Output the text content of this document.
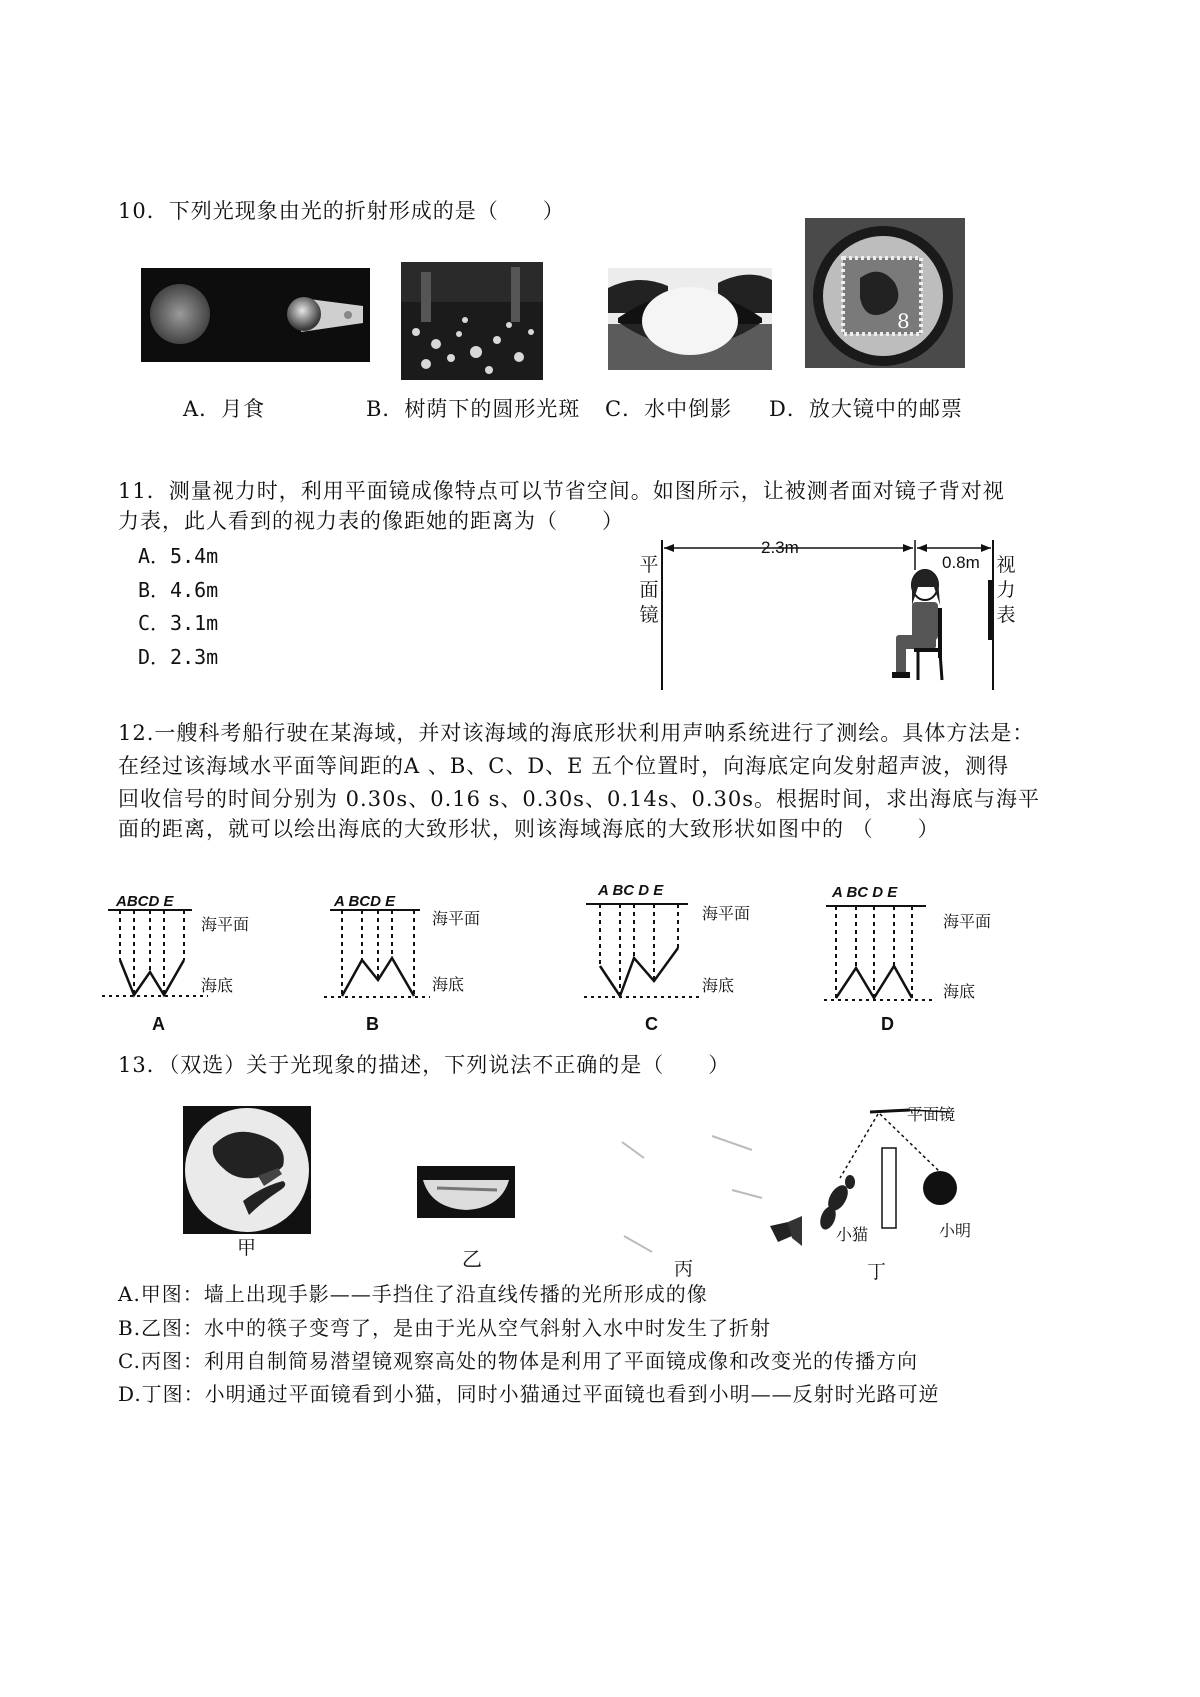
10．下列光现象由光的折射形成的是（　　）
8
A．月食	B．树荫下的圆形光斑 C．水中倒影 D．放大镜中的邮票
11．测量视力时，利用平面镜成像特点可以节省空间。如图所示，让被测者面对镜子背对视
力表，此人看到的视力表的像距她的距离为（　　）
A．5.4m
B．4.6m
C．3.1m
D．2.3m
2.3m
0.8m
平
面
镜
视
力
表
12.一艘科考船行驶在某海域，并对该海域的海底形状利用声呐系统进行了测绘。具体方法是：
在经过该海域水平面等间距的A 、B、C、D、E 五个位置时，向海底定向发射超声波，测得
回收信号的时间分别为 0.30s、0.16 s、0.30s、0.14s、0.30s。根据时间，求出海底与海平
面的距离，就可以绘出海底的大致形状，则该海域海底的大致形状如图中的 （　　）
ABCD E
海平面
海底
A
A BCD E
海平面
海底
B
A BC D E
海平面
海底
C
A BC D E
海平面
海底
D
13．（双选）关于光现象的描述，下列说法不正确的是（　　）
甲	乙	丙
平面镜
小猫	小明
丁
A.甲图：墙上出现手影——手挡住了沿直线传播的光所形成的像
B.乙图：水中的筷子变弯了，是由于光从空气斜射入水中时发生了折射
C.丙图：利用自制简易潜望镜观察高处的物体是利用了平面镜成像和改变光的传播方向
D.丁图：小明通过平面镜看到小猫，同时小猫通过平面镜也看到小明——反射时光路可逆
